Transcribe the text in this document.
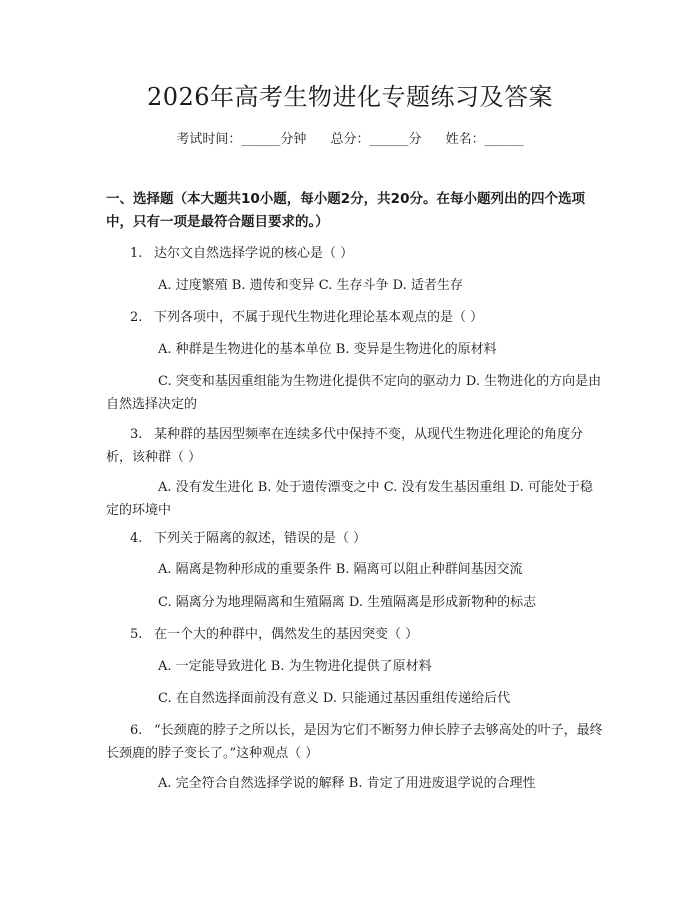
2026年高考生物进化专题练习及答案
考试时间：______分钟 总分：______分 姓名：______
一、选择题（本大题共10小题，每小题2分，共20分。在每小题列出的四个选项中，只有一项是最符合题目要求的。）
1. 达尔文自然选择学说的核心是（ ）
A. 过度繁殖 B. 遗传和变异 C. 生存斗争 D. 适者生存
2. 下列各项中，不属于现代生物进化理论基本观点的是（ ）
A. 种群是生物进化的基本单位 B. 变异是生物进化的原材料
C. 突变和基因重组能为生物进化提供不定向的驱动力 D. 生物进化的方向是由自然选择决定的
3. 某种群的基因型频率在连续多代中保持不变，从现代生物进化理论的角度分析，该种群（ ）
A. 没有发生进化 B. 处于遗传漂变之中 C. 没有发生基因重组 D. 可能处于稳定的环境中
4. 下列关于隔离的叙述，错误的是（ ）
A. 隔离是物种形成的重要条件 B. 隔离可以阻止种群间基因交流
C. 隔离分为地理隔离和生殖隔离 D. 生殖隔离是形成新物种的标志
5. 在一个大的种群中，偶然发生的基因突变（ ）
A. 一定能导致进化 B. 为生物进化提供了原材料
C. 在自然选择面前没有意义 D. 只能通过基因重组传递给后代
6. “长颈鹿的脖子之所以长，是因为它们不断努力伸长脖子去够高处的叶子，最终长颈鹿的脖子变长了。”这种观点（ ）
A. 完全符合自然选择学说的解释 B. 肯定了用进废退学说的合理性
